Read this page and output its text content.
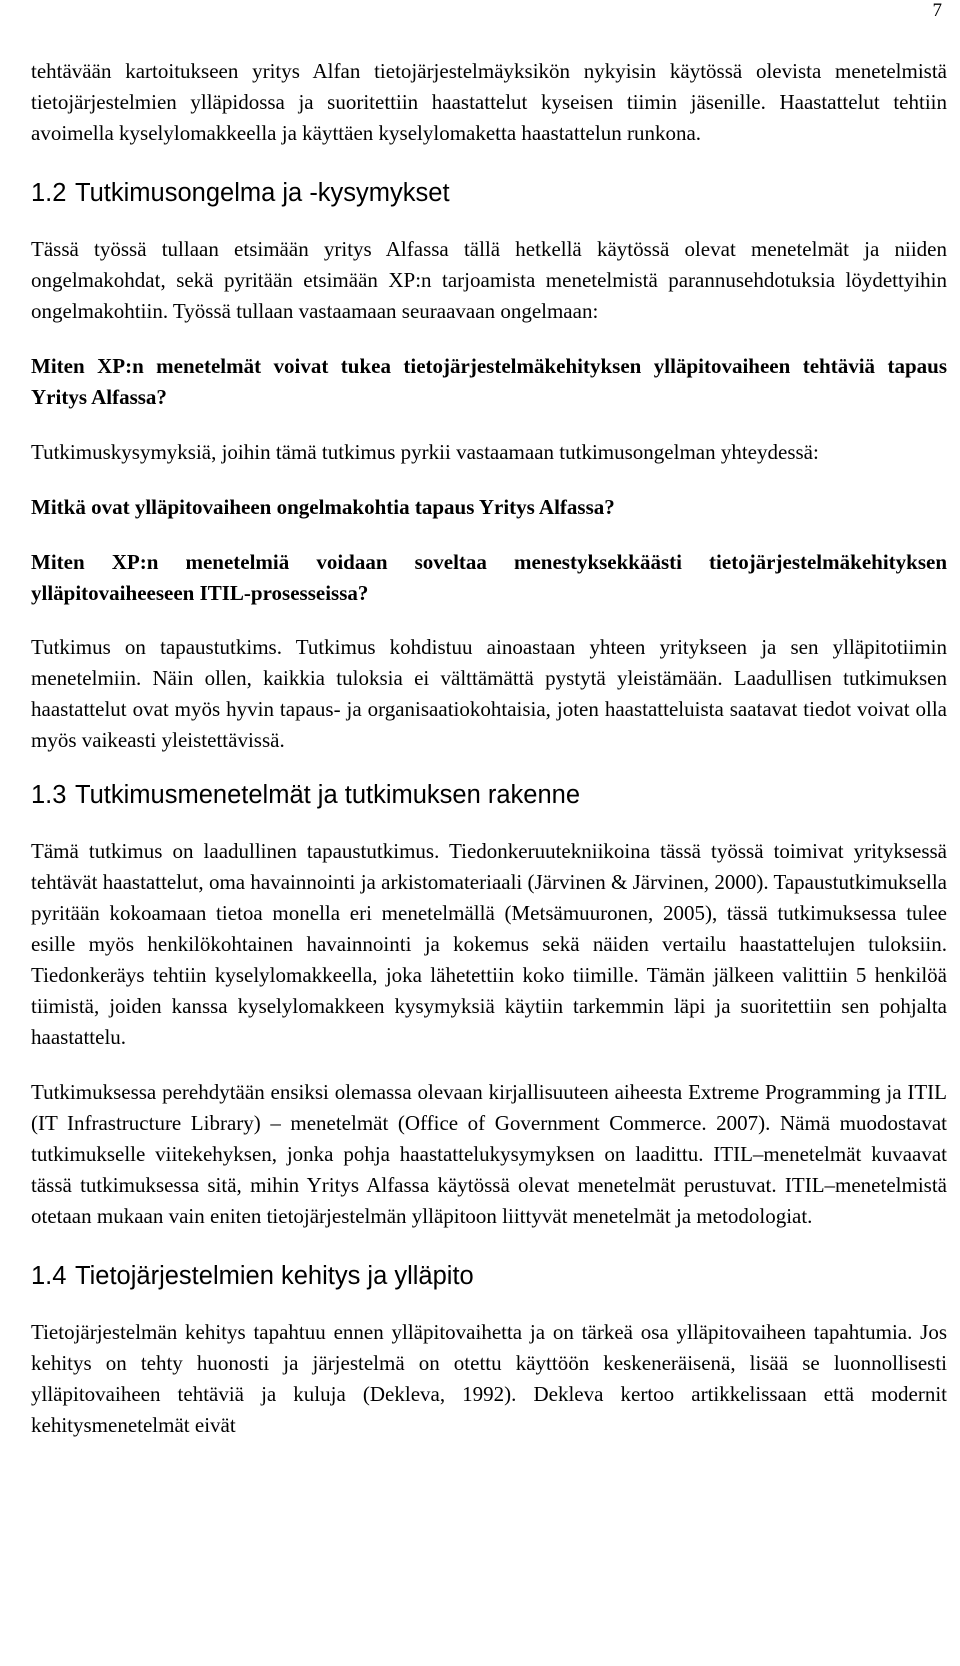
7

tehtävään kartoitukseen yritys Alfan tietojärjestelmäyksikön nykyisin käytössä olevista menetelmistä tietojärjestelmien ylläpidossa ja suoritettiin haastattelut kyseisen tiimin jäsenille. Haastattelut tehtiin avoimella kyselylomakkeella ja käyttäen kyselylomaketta haastattelun runkona.

1.2 Tutkimusongelma ja -kysymykset

Tässä työssä tullaan etsimään yritys Alfassa tällä hetkellä käytössä olevat menetelmät ja niiden ongelmakohdat, sekä pyritään etsimään XP:n tarjoamista menetelmistä parannusehdotuksia löydettyihin ongelmakohtiin. Työssä tullaan vastaamaan seuraavaan ongelmaan:

Miten XP:n menetelmät voivat tukea tietojärjestelmäkehityksen ylläpitovaiheen tehtäviä tapaus Yritys Alfassa?

Tutkimuskysymyksiä, joihin tämä tutkimus pyrkii vastaamaan tutkimusongelman yhteydessä:

Mitkä ovat ylläpitovaiheen ongelmakohtia tapaus Yritys Alfassa?

Miten XP:n menetelmiä voidaan soveltaa menestyksekkäästi tietojärjestelmäkehityksen ylläpitovaiheeseen ITIL-prosesseissa?

Tutkimus on tapaustutkims. Tutkimus kohdistuu ainoastaan yhteen yritykseen ja sen ylläpitotiimin menetelmiin. Näin ollen, kaikkia tuloksia ei välttämättä pystytä yleistämään. Laadullisen tutkimuksen haastattelut ovat myös hyvin tapaus- ja organisaatiokohtaisia, joten haastatteluista saatavat tiedot voivat olla myös vaikeasti yleistettävissä.

1.3 Tutkimusmenetelmät ja tutkimuksen rakenne

Tämä tutkimus on laadullinen tapaustutkimus. Tiedonkeruutekniikoina tässä työssä toimivat yrityksessä tehtävät haastattelut, oma havainnointi ja arkistomateriaali (Järvinen & Järvinen, 2000). Tapaustutkimuksella pyritään kokoamaan tietoa monella eri menetelmällä (Metsämuuronen, 2005), tässä tutkimuksessa tulee esille myös henkilökohtainen havainnointi ja kokemus sekä näiden vertailu haastattelujen tuloksiin. Tiedonkeräys tehtiin kyselylomakkeella, joka lähetettiin koko tiimille. Tämän jälkeen valittiin 5 henkilöä tiimistä, joiden kanssa kyselylomakkeen kysymyksiä käytiin tarkemmin läpi ja suoritettiin sen pohjalta haastattelu.

Tutkimuksessa perehdytään ensiksi olemassa olevaan kirjallisuuteen aiheesta Extreme Programming ja ITIL (IT Infrastructure Library) – menetelmät (Office of Government Commerce. 2007). Nämä muodostavat tutkimukselle viitekehyksen, jonka pohja haastattelukysymyksen on laadittu. ITIL–menetelmät kuvaavat tässä tutkimuksessa sitä, mihin Yritys Alfassa käytössä olevat menetelmät perustuvat. ITIL–menetelmistä otetaan mukaan vain eniten tietojärjestelmän ylläpitoon liittyvät menetelmät ja metodologiat.

1.4 Tietojärjestelmien kehitys ja ylläpito

Tietojärjestelmän kehitys tapahtuu ennen ylläpitovaihetta ja on tärkeä osa ylläpitovaiheen tapahtumia. Jos kehitys on tehty huonosti ja järjestelmä on otettu käyttöön keskeneräisenä, lisää se luonnollisesti ylläpitovaiheen tehtäviä ja kuluja (Dekleva, 1992). Dekleva kertoo artikkelissaan että modernit kehitysmenetelmät eivät
